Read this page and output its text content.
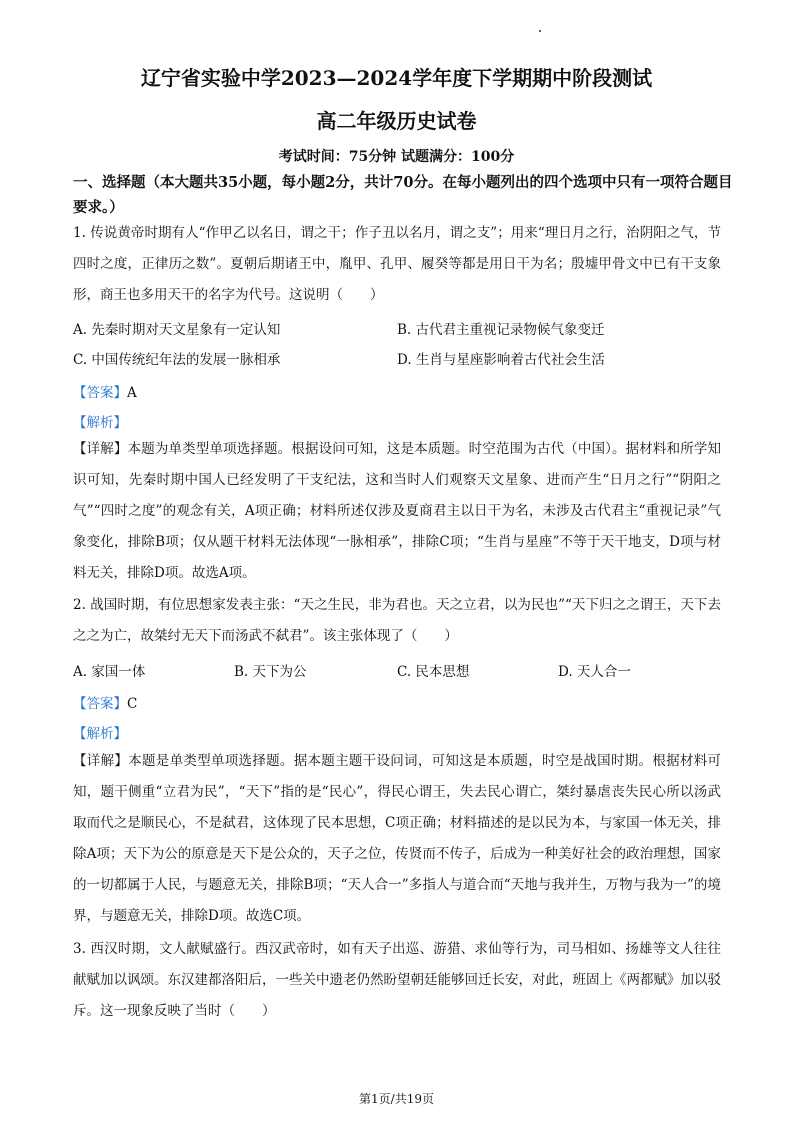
辽宁省实验中学2023—2024学年度下学期期中阶段测试
高二年级历史试卷
考试时间：75分钟 试题满分：100分
一、选择题（本大题共35小题，每小题2分，共计70分。在每小题列出的四个选项中只有一项符合题目要求。）
1. 传说黄帝时期有人“作甲乙以名日，谓之干；作子丑以名月，谓之支”；用来“理日月之行，治阴阳之气，节四时之度，正律历之数”。夏朝后期诸王中，胤甲、孔甲、履癸等都是用日干为名；殷墟甲骨文中已有干支象形，商王也多用天干的名字为代号。这说明（　　）
A. 先秦时期对天文星象有一定认知	B. 古代君主重视记录物候气象变迁
C. 中国传统纪年法的发展一脉相承	D. 生肖与星座影响着古代社会生活
【答案】A
【解析】
【详解】本题为单类型单项选择题。根据设问可知，这是本质题。时空范围为古代（中国）。据材料和所学知识可知，先秦时期中国人已经发明了干支纪法，这和当时人们观察天文星象、进而产生“日月之行”“阴阳之气”“四时之度”的观念有关，A项正确；材料所述仅涉及夏商君主以日干为名，未涉及古代君主“重视记录”气象变化，排除B项；仅从题干材料无法体现“一脉相承”，排除C项；“生肖与星座”不等于天干地支，D项与材料无关，排除D项。故选A项。
2. 战国时期，有位思想家发表主张：“天之生民，非为君也。天之立君，以为民也”“天下归之之谓王，天下去之之为亡，故桀纣无天下而汤武不弑君”。该主张体现了（　　）
A. 家国一体	B. 天下为公	C. 民本思想	D. 天人合一
【答案】C
【解析】
【详解】本题是单类型单项选择题。据本题主题干设问词，可知这是本质题，时空是战国时期。根据材料可知，题干侧重“立君为民”，“天下”指的是“民心”，得民心谓王，失去民心谓亡，桀纣暴虐丧失民心所以汤武取而代之是顺民心，不是弑君，这体现了民本思想，C项正确；材料描述的是以民为本，与家国一体无关，排除A项；天下为公的原意是天下是公众的，天子之位，传贤而不传子，后成为一种美好社会的政治理想，国家的一切都属于人民，与题意无关，排除B项；“天人合一”多指人与道合而“天地与我并生，万物与我为一”的境界，与题意无关，排除D项。故选C项。
3. 西汉时期，文人献赋盛行。西汉武帝时，如有天子出巡、游猎、求仙等行为，司马相如、扬雄等文人往往献赋加以讽颂。东汉建都洛阳后，一些关中遗老仍然盼望朝廷能够回迁长安，对此，班固上《两都赋》加以驳斥。这一现象反映了当时（　　）
第1页/共19页
